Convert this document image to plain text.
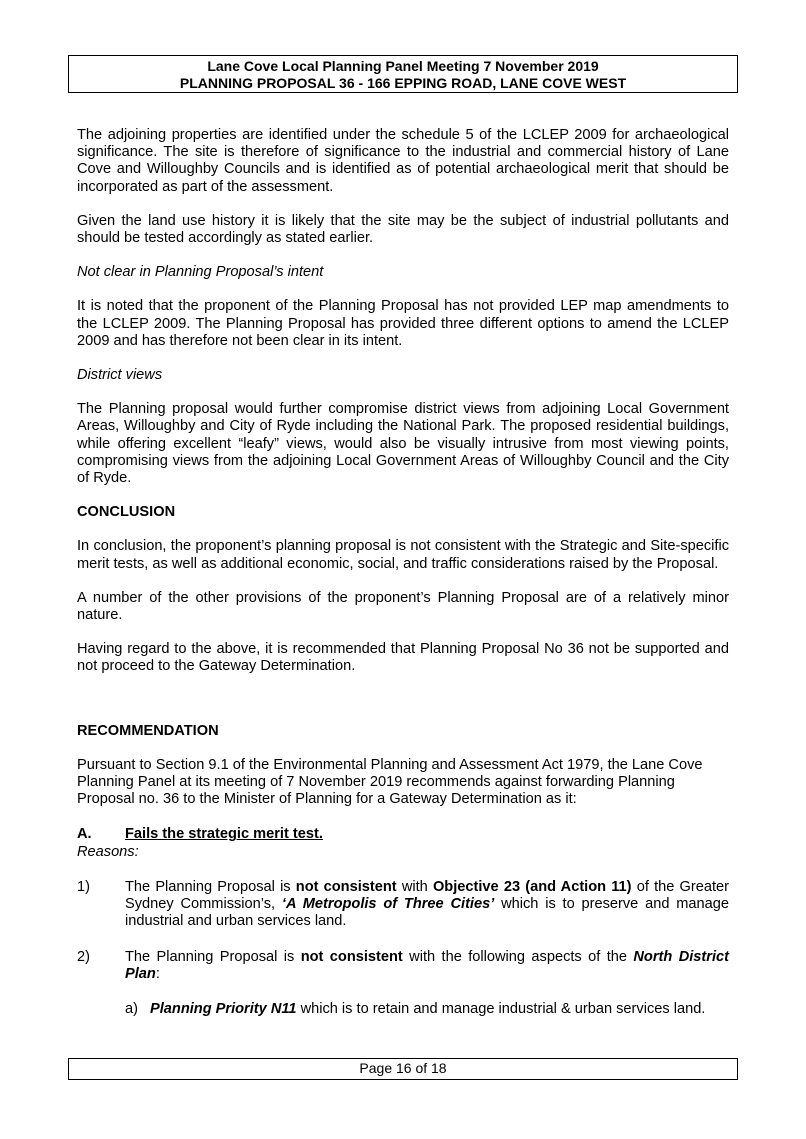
Lane Cove Local Planning Panel Meeting 7 November 2019
PLANNING PROPOSAL 36 - 166 EPPING ROAD, LANE COVE WEST

The adjoining properties are identified under the schedule 5 of the LCLEP 2009 for archaeological significance. The site is therefore of significance to the industrial and commercial history of Lane Cove and Willoughby Councils and is identified as of potential archaeological merit that should be incorporated as part of the assessment.

Given the land use history it is likely that the site may be the subject of industrial pollutants and should be tested accordingly as stated earlier.

Not clear in Planning Proposal’s intent

It is noted that the proponent of the Planning Proposal has not provided LEP map amendments to the LCLEP 2009. The Planning Proposal has provided three different options to amend the LCLEP 2009 and has therefore not been clear in its intent.

District views

The Planning proposal would further compromise district views from adjoining Local Government Areas, Willoughby and City of Ryde including the National Park. The proposed residential buildings, while offering excellent “leafy” views, would also be visually intrusive from most viewing points, compromising views from the adjoining Local Government Areas of Willoughby Council and the City of Ryde.

CONCLUSION

In conclusion, the proponent’s planning proposal is not consistent with the Strategic and Site-specific merit tests, as well as additional economic, social, and traffic considerations raised by the Proposal.

A number of the other provisions of the proponent’s Planning Proposal are of a relatively minor nature.

Having regard to the above, it is recommended that Planning Proposal No 36 not be supported and not proceed to the Gateway Determination.

RECOMMENDATION

Pursuant to Section 9.1 of the Environmental Planning and Assessment Act 1979, the Lane Cove Planning Panel at its meeting of 7 November 2019 recommends against forwarding Planning Proposal no. 36 to the Minister of Planning for a Gateway Determination as it:

A.	Fails the strategic merit test.

Reasons:

1)	The Planning Proposal is not consistent with Objective 23 (and Action 11) of the Greater Sydney Commission’s, ‘A Metropolis of Three Cities’ which is to preserve and manage industrial and urban services land.
2)	The Planning Proposal is not consistent with the following aspects of the North District Plan:
a) Planning Priority N11 which is to retain and manage industrial & urban services land.
Page 16 of 18
